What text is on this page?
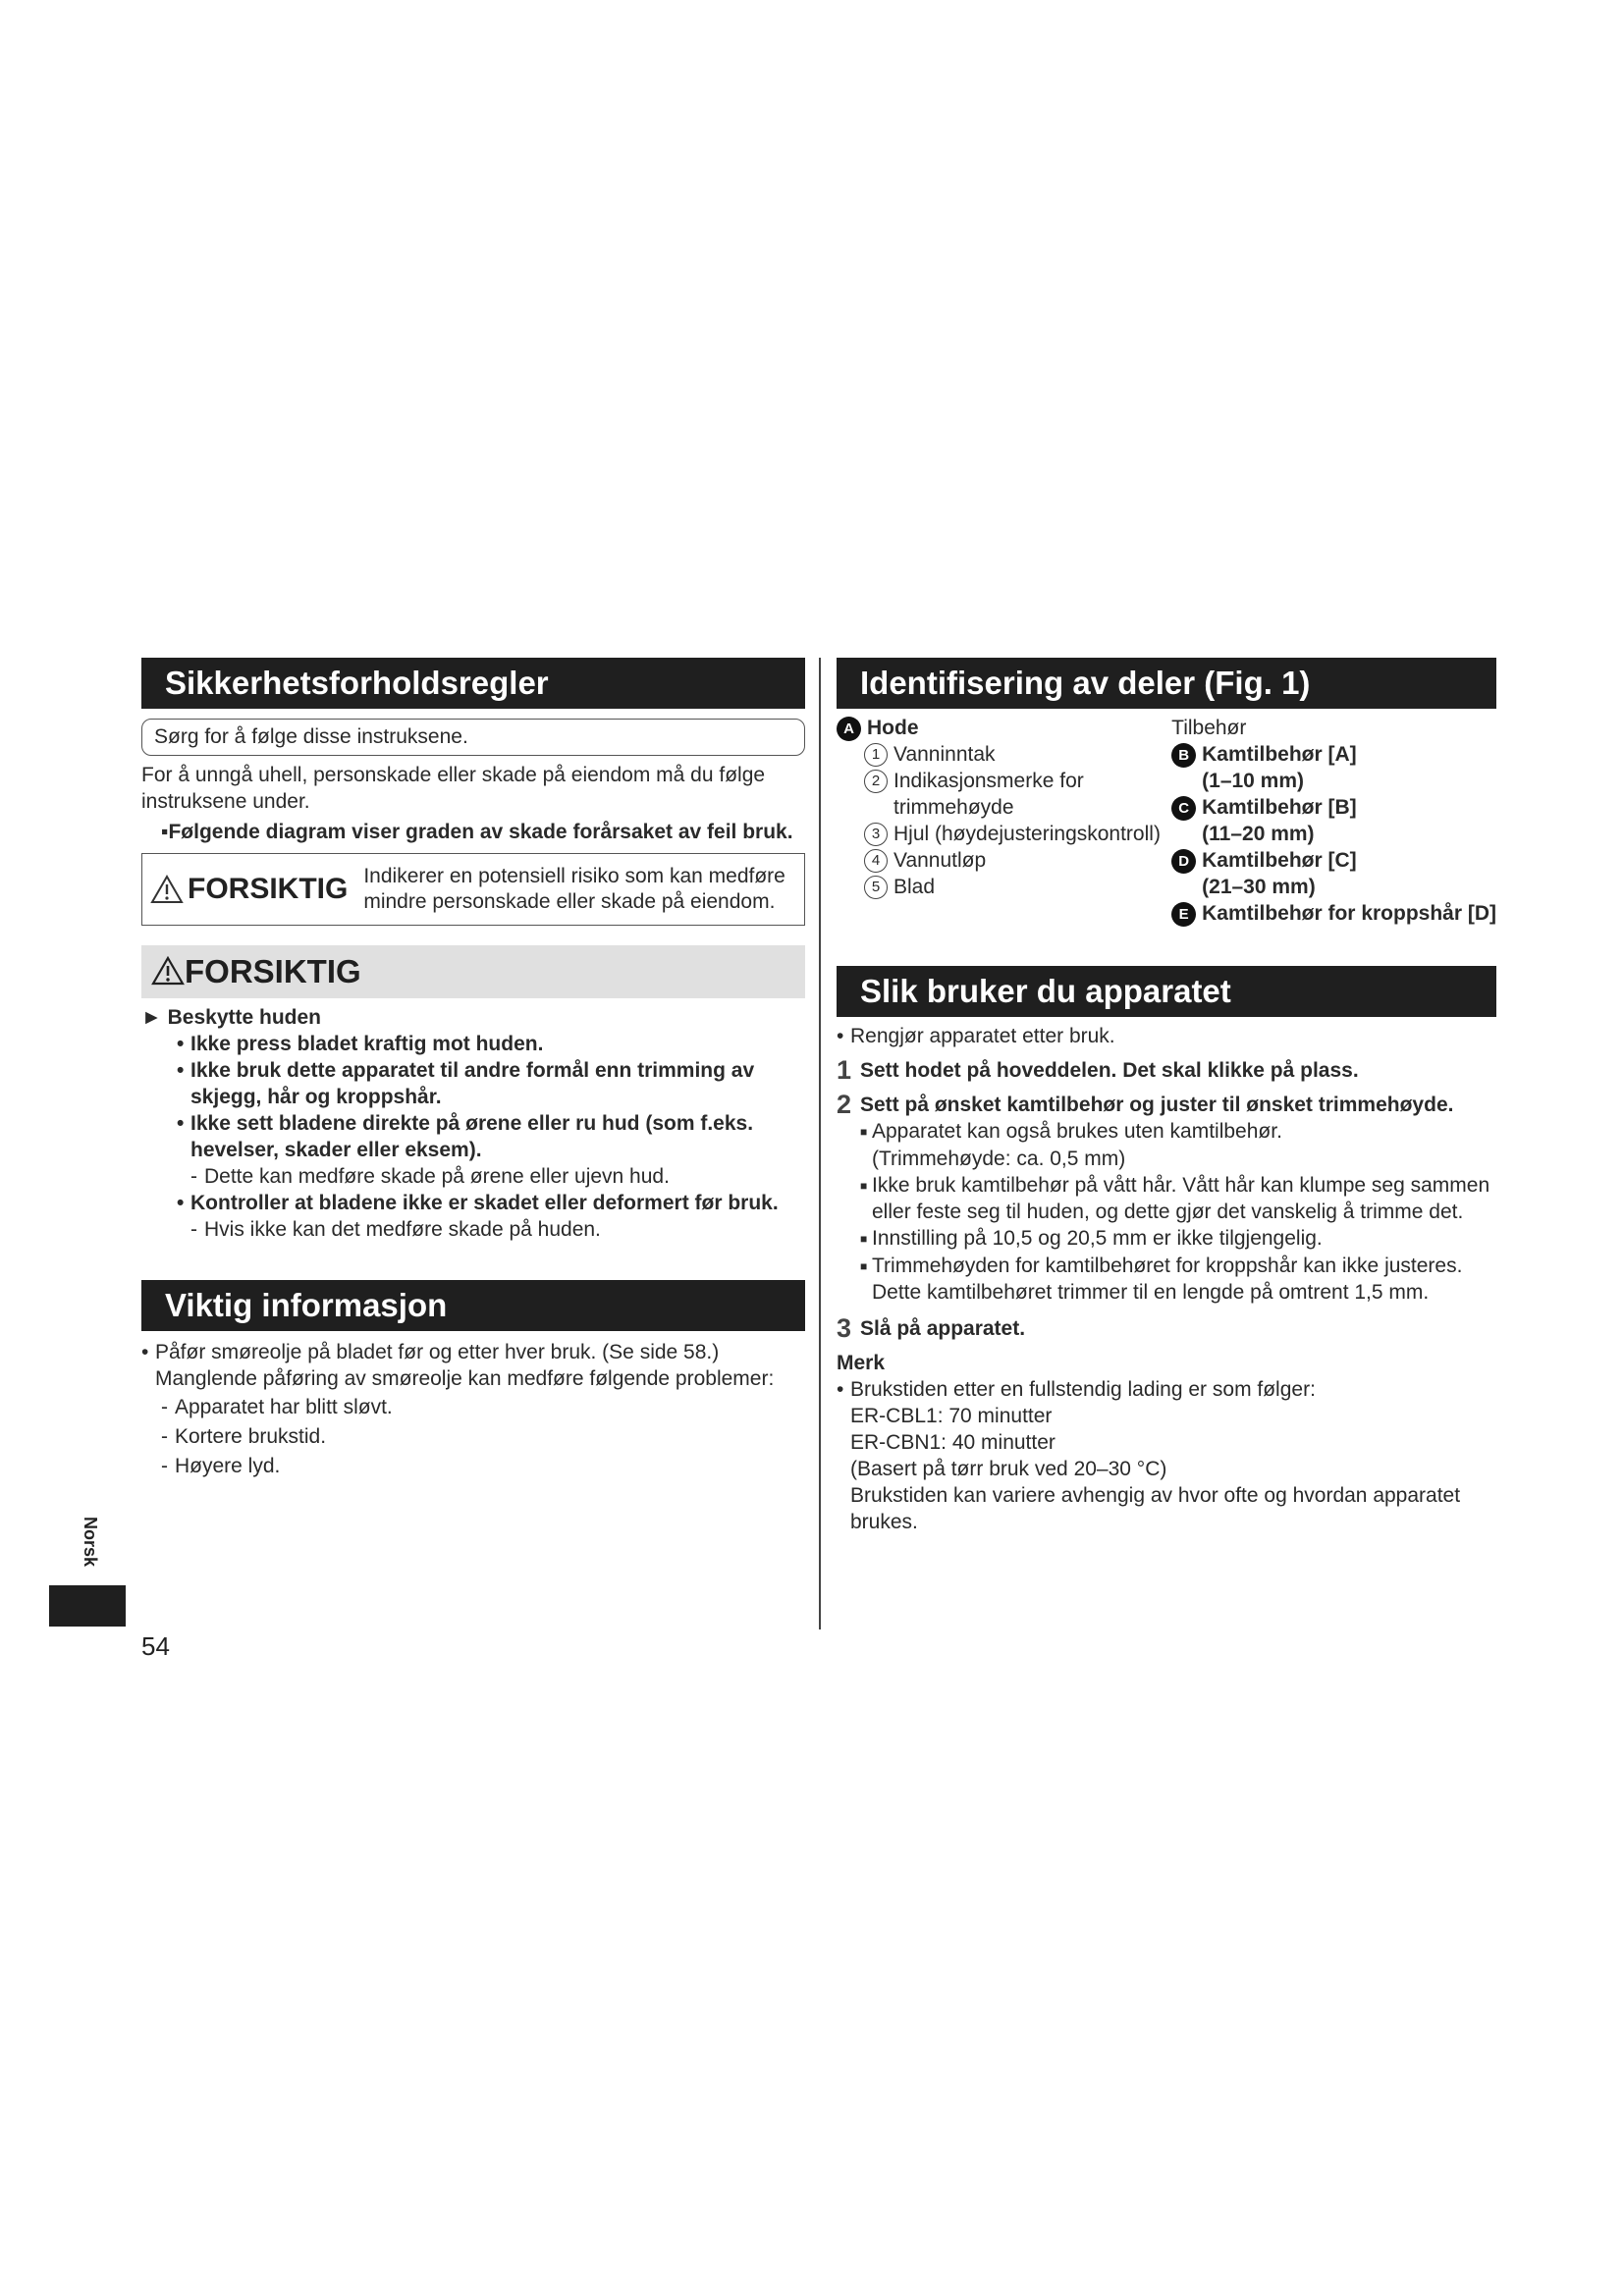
Sikkerhetsforholdsregler
Sørg for å følge disse instruksene.
For å unngå uhell, personskade eller skade på eiendom må du følge instruksene under.
▪Følgende diagram viser graden av skade forårsaket av feil bruk.
FORSIKTIG Indikerer en potensiell risiko som kan medføre mindre personskade eller skade på eiendom.
FORSIKTIG
► Beskytte huden
• Ikke press bladet kraftig mot huden.
• Ikke bruk dette apparatet til andre formål enn trimming av skjegg, hår og kroppshår.
• Ikke sett bladene direkte på ørene eller ru hud (som f.eks. hevelser, skader eller eksem).
- Dette kan medføre skade på ørene eller ujevn hud.
• Kontroller at bladene ikke er skadet eller deformert før bruk.
- Hvis ikke kan det medføre skade på huden.
Viktig informasjon
• Påfør smøreolje på bladet før og etter hver bruk. (Se side 58.)
Manglende påføring av smøreolje kan medføre følgende problemer:
- Apparatet har blitt sløvt.
- Kortere brukstid.
- Høyere lyd.
Identifisering av deler (Fig. 1)
A Hode
1 Vanninntak
2 Indikasjonsmerke for
trimmehøyde
3 Hjul (høydejusteringskontroll)
4 Vannutløp
5 Blad
Tilbehør
B Kamtilbehør [A]
(1–10 mm)
C Kamtilbehør [B]
(11–20 mm)
D Kamtilbehør [C]
(21–30 mm)
E Kamtilbehør for kroppshår [D]
Slik bruker du apparatet
• Rengjør apparatet etter bruk.
1 Sett hodet på hoveddelen. Det skal klikke på plass.
2 Sett på ønsket kamtilbehør og juster til ønsket trimmehøyde.
■ Apparatet kan også brukes uten kamtilbehør.
(Trimmehøyde: ca. 0,5 mm)
■ Ikke bruk kamtilbehør på vått hår. Vått hår kan klumpe seg sammen eller feste seg til huden, og dette gjør det vanskelig å trimme det.
■ Innstilling på 10,5 og 20,5 mm er ikke tilgjengelig.
■ Trimmehøyden for kamtilbehøret for kroppshår kan ikke justeres. Dette kamtilbehøret trimmer til en lengde på omtrent 1,5 mm.
3 Slå på apparatet.
Merk
• Brukstiden etter en fullstendig lading er som følger:
ER-CBL1: 70 minutter
ER-CBN1: 40 minutter
(Basert på tørr bruk ved 20–30 °C)
Brukstiden kan variere avhengig av hvor ofte og hvordan apparatet brukes.
Norsk
54
